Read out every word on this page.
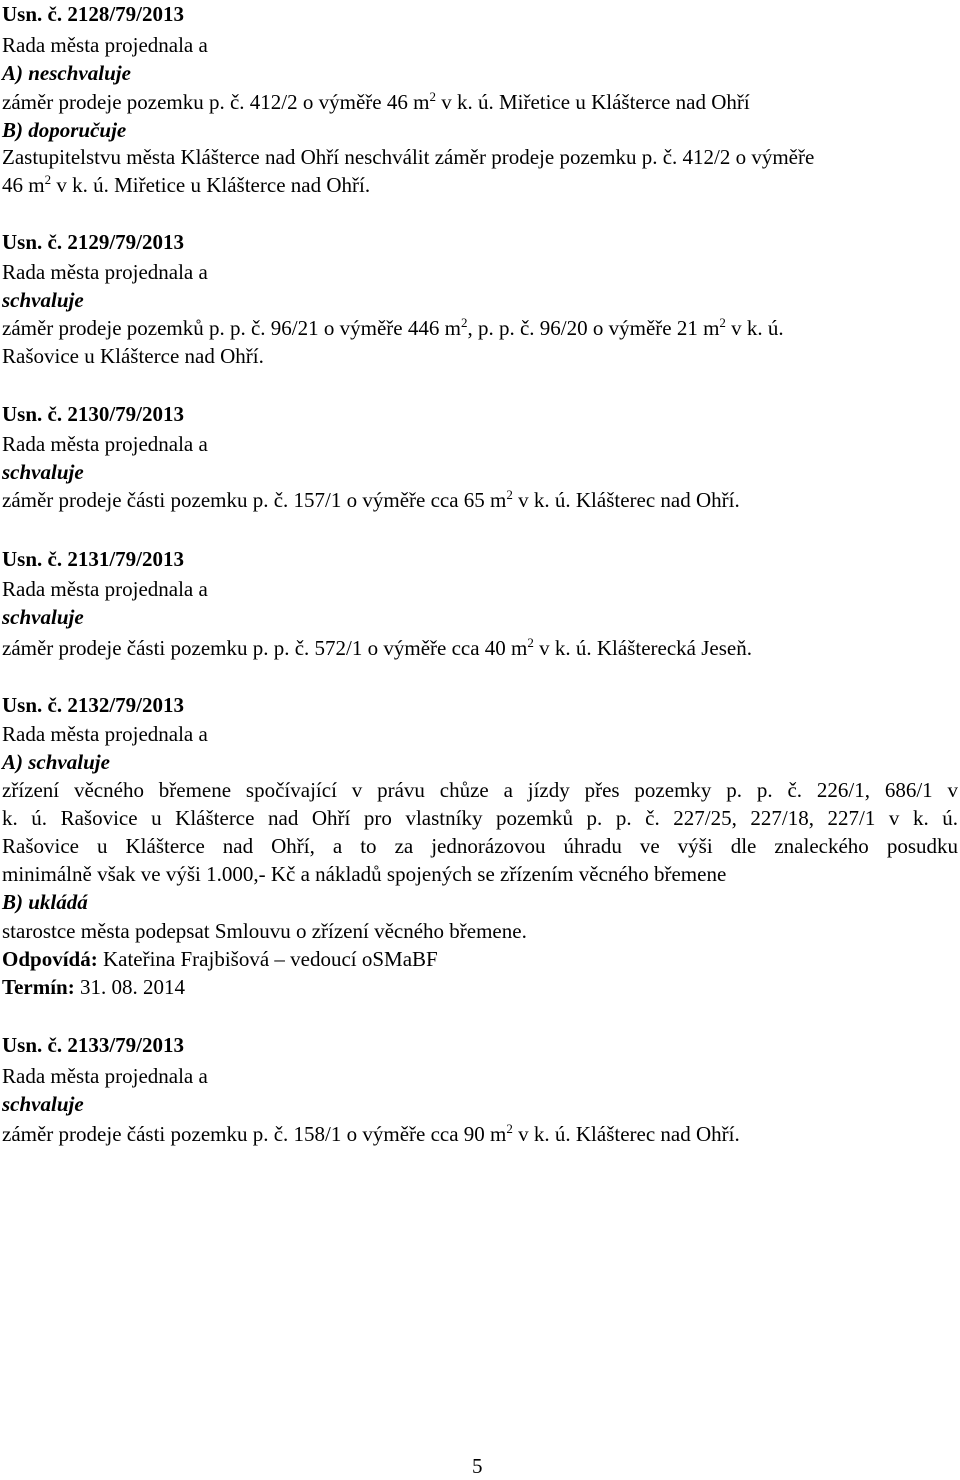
Usn. č. 2128/79/2013
Rada města projednala a
A) neschvaluje
záměr prodeje pozemku p. č. 412/2 o výměře 46 $m^2$ v k. ú. Miřetice u Klášterce nad Ohří
B) doporučuje
Zastupitelstvu města Klášterce nad Ohří neschválit záměr prodeje pozemku p. č. 412/2 o výměře
46 $m^2$ v k. ú. Miřetice u Klášterce nad Ohří.
Usn. č. 2129/79/2013
Rada města projednala a
schvaluje
záměr prodeje pozemků p. p. č. 96/21 o výměře 446 $m^2$, p. p. č. 96/20 o výměře 21 $m^2$ v k. ú.
Rašovice u Klášterce nad Ohří.
Usn. č. 2130/79/2013
Rada města projednala a
schvaluje
záměr prodeje části pozemku p. č. 157/1 o výměře cca 65 $m^2$ v k. ú. Klášterec nad Ohří.
Usn. č. 2131/79/2013
Rada města projednala a
schvaluje
záměr prodeje části pozemku p. p. č. 572/1 o výměře cca 40 $m^2$ v k. ú. Klášterecká Jeseň.
Usn. č. 2132/79/2013
Rada města projednala a
A) schvaluje
zřízení věcného břemene spočívající v právu chůze a jízdy přes pozemky p. p. č. 226/1, 686/1 v
k. ú. Rašovice u Klášterce nad Ohří pro vlastníky pozemků p. p. č. 227/25, 227/18, 227/1 v k. ú.
Rašovice u Klášterce nad Ohří, a to za jednorázovou úhradu ve výši dle znaleckého posudku
minimálně však ve výši 1.000,- Kč a nákladů spojených se zřízením věcného břemene
B) ukládá
starostce města podepsat Smlouvu o zřízení věcného břemene.
Odpovídá: Kateřina Frajbišová – vedoucí oSMaBF
Termín: 31. 08. 2014
Usn. č. 2133/79/2013
Rada města projednala a
schvaluje
záměr prodeje části pozemku p. č. 158/1 o výměře cca 90 $m^2$ v k. ú. Klášterec nad Ohří.
5
